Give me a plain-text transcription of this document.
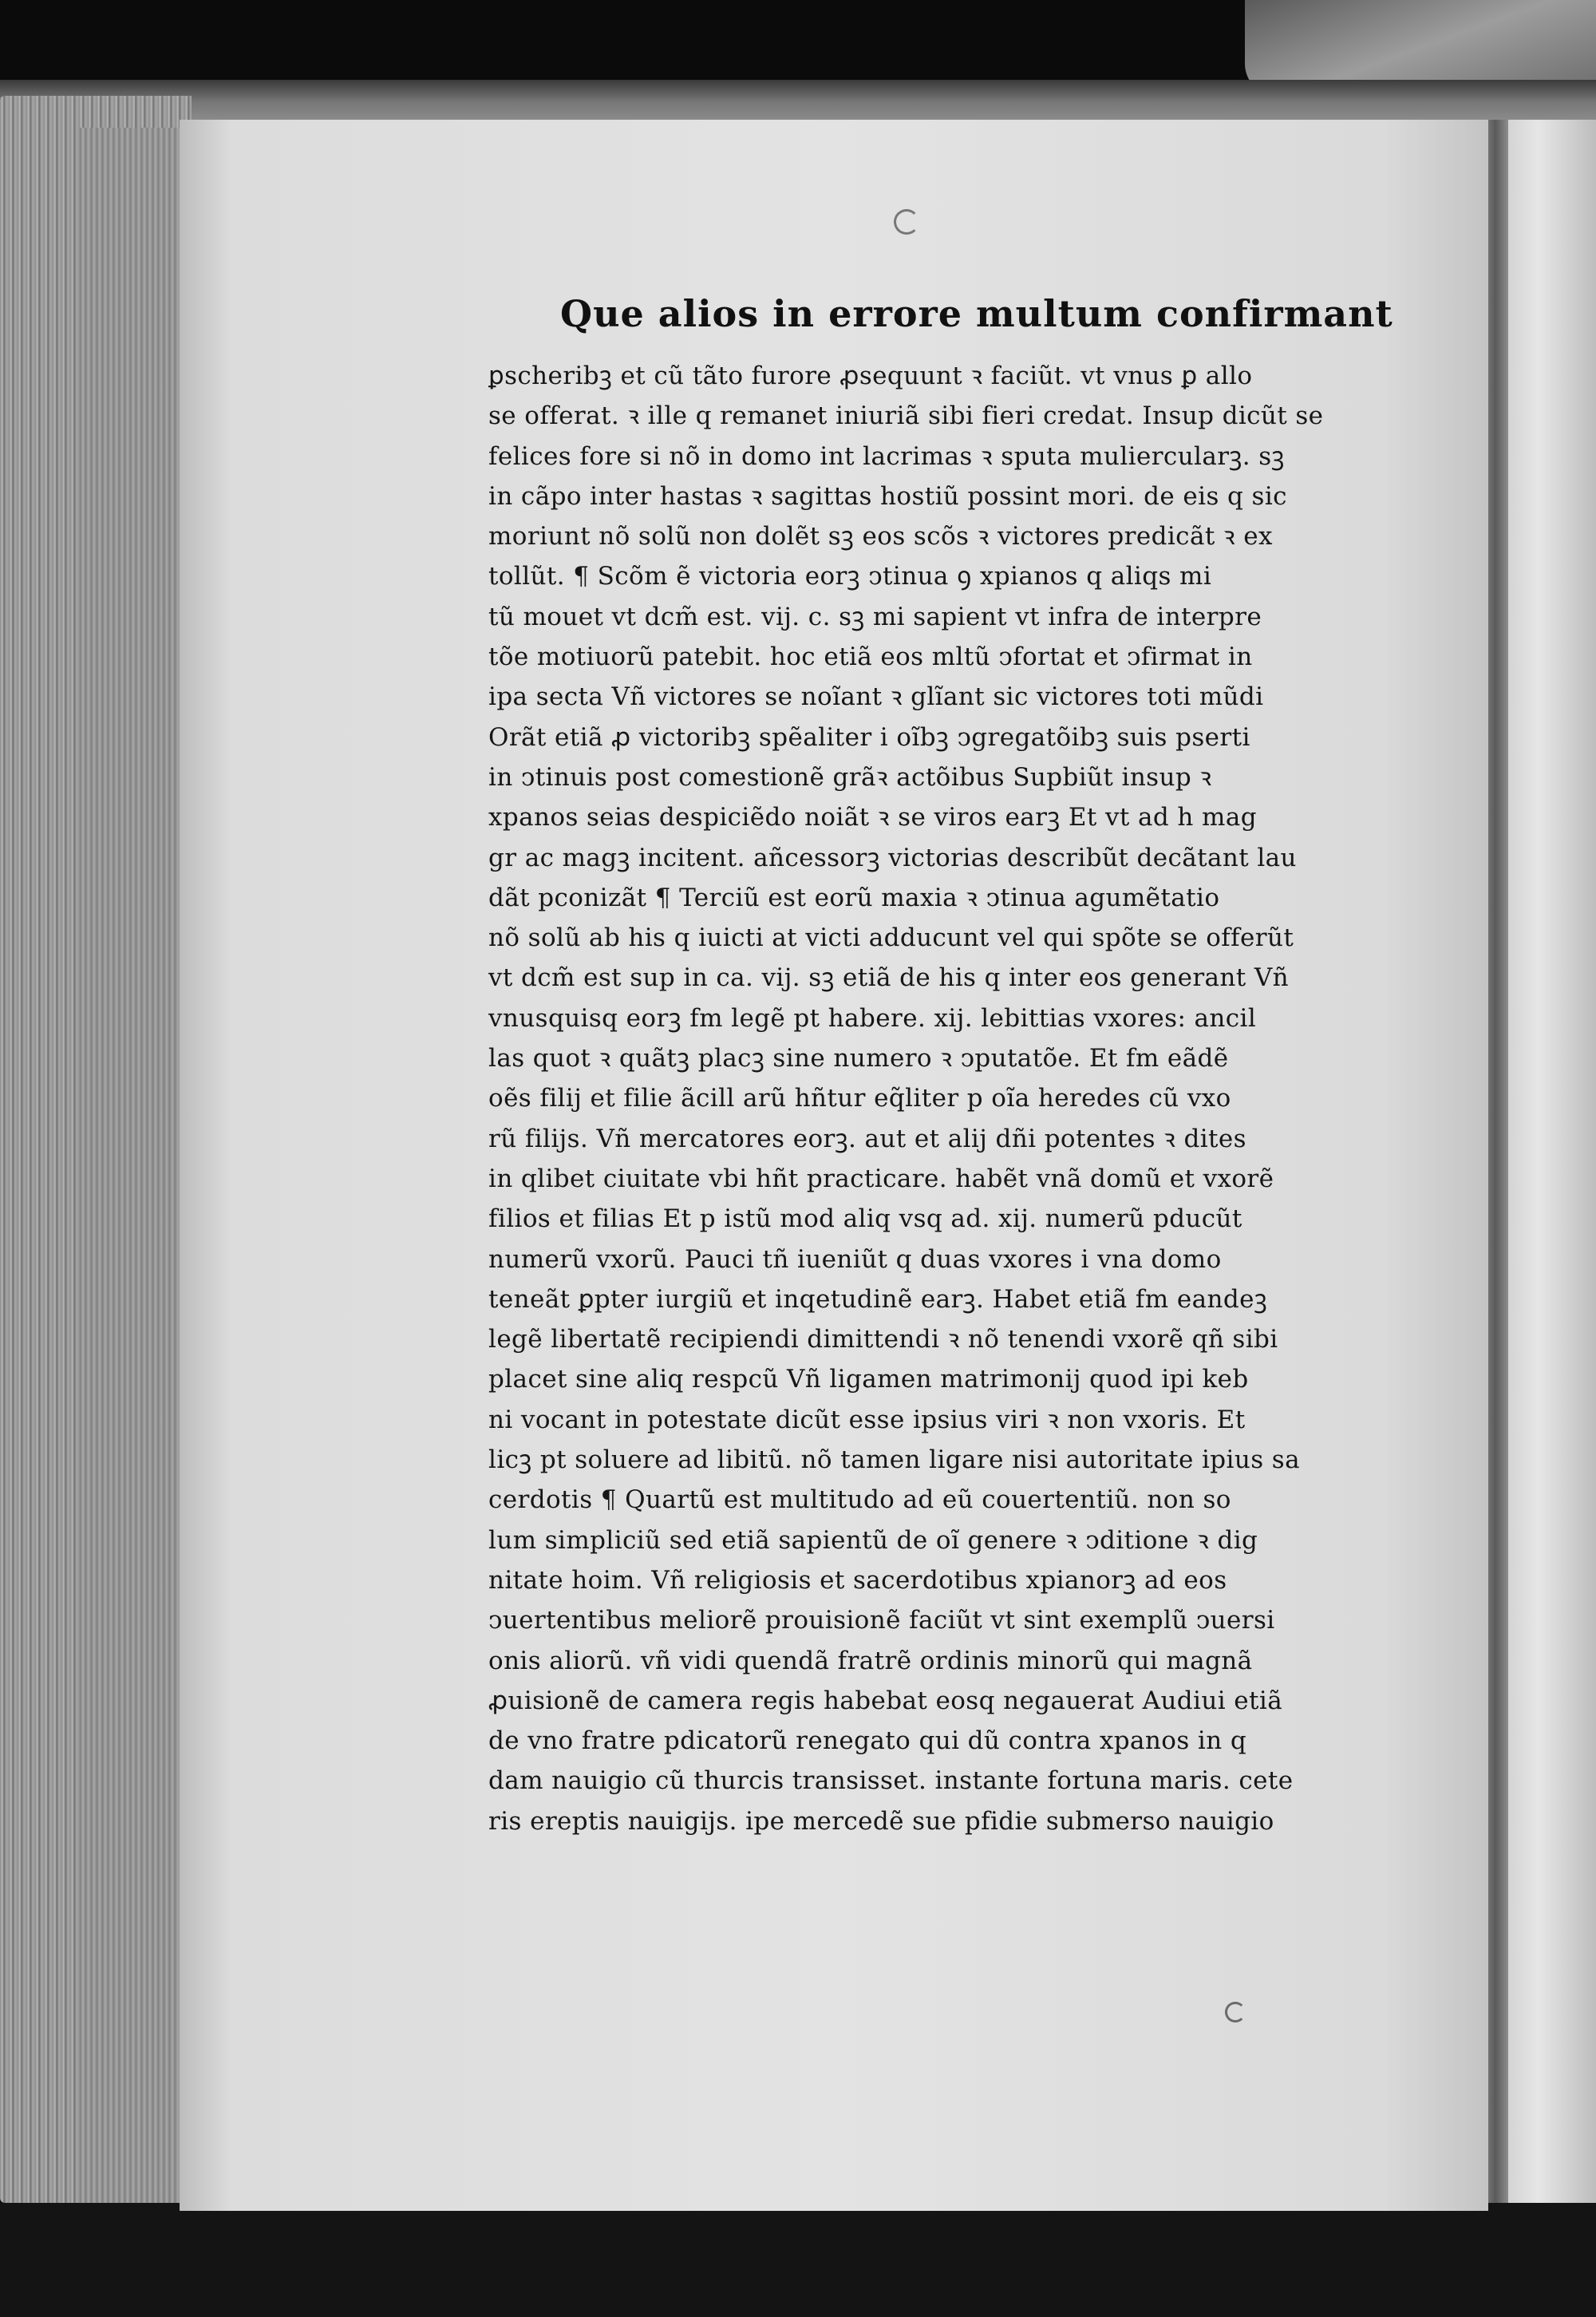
Que alios in errore multum confirmant
ꝑscheribꝫ et cũ tãto furore ꝓsequunt ꝛ faciũt. vt vnus ꝑ allo
se offerat. ꝛ ille q remanet iniuriã sibi fieri credat. Insup dicũt se
felices fore si nõ in domo int lacrimas ꝛ sputa muliercularꝫ. sꝫ
in cãpo inter hastas ꝛ sagittas hostiũ possint mori. de eis q sic
moriunt nõ solũ non dolẽt sꝫ eos scõs ꝛ victores predicãt ꝛ ex
tollũt. ¶ Scõm ẽ victoria eorꝫ ↄtinua ꝯ xpianos q aliqs mi
tũ mouet vt dcm̃ est. vij. c. sꝫ mi sapient vt infra de interpre
tõe motiuorũ patebit. hoc etiã eos mltũ ↄfortat et ↄfirmat in
ipa secta Vñ victores se noĩant ꝛ glĩant sic victores toti mũdi
Orãt etiã ꝓ victoribꝫ spẽaliter i oĩbꝫ ↄgregatõibꝫ suis pserti
in ↄtinuis post comestionẽ grãꝛ actõibus Supbiũt insup ꝛ
xpanos seias despiciẽdo noiãt ꝛ se viros earꝫ Et vt ad h mag
gr ac magꝫ incitent. añcessorꝫ victorias describũt decãtant lau
dãt pconizãt ¶ Terciũ est eorũ maxia ꝛ ↄtinua agumẽtatio
nõ solũ ab his q iuicti at victi adducunt vel qui spõte se offerũt
vt dcm̃ est sup in ca. vij. sꝫ etiã de his q inter eos generant Vñ
vnusquisq eorꝫ fm legẽ pt habere. xij. lebittias vxores: ancil
las quot ꝛ quãtꝫ placꝫ sine numero ꝛ ↄputatõe. Et fm eãdẽ
oẽs filij et filie ãcill arũ hñtur eq̃liter p oĩa heredes cũ vxo
rũ filijs. Vñ mercatores eorꝫ. aut et alij dñi potentes ꝛ dites
in qlibet ciuitate vbi hñt practicare. habẽt vnã domũ et vxorẽ
filios et filias Et p istũ mod aliq vsq ad. xij. numerũ pducũt
numerũ vxorũ. Pauci tñ iueniũt q duas vxores i vna domo
teneãt ꝑpter iurgiũ et inqetudinẽ earꝫ. Habet etiã fm eandeꝫ
legẽ libertatẽ recipiendi dimittendi ꝛ nõ tenendi vxorẽ qñ sibi
placet sine aliq respcũ Vñ ligamen matrimonij quod ipi keb
ni vocant in potestate dicũt esse ipsius viri ꝛ non vxoris. Et
licꝫ pt soluere ad libitũ. nõ tamen ligare nisi autoritate ipius sa
cerdotis ¶ Quartũ est multitudo ad eũ couertentiũ. non so
lum simpliciũ sed etiã sapientũ de oĩ genere ꝛ ↄditione ꝛ dig
nitate hoim. Vñ religiosis et sacerdotibus xpianorꝫ ad eos
ↄuertentibus meliorẽ prouisionẽ faciũt vt sint exemplũ ↄuersi
onis aliorũ. vñ vidi quendã fratrẽ ordinis minorũ qui magnã
ꝓuisionẽ de camera regis habebat eosq negauerat Audiui etiã
de vno fratre pdicatorũ renegato qui dũ contra xpanos in q
dam nauigio cũ thurcis transisset. instante fortuna maris. cete
ris ereptis nauigijs. ipe mercedẽ sue pfidie submerso nauigio
